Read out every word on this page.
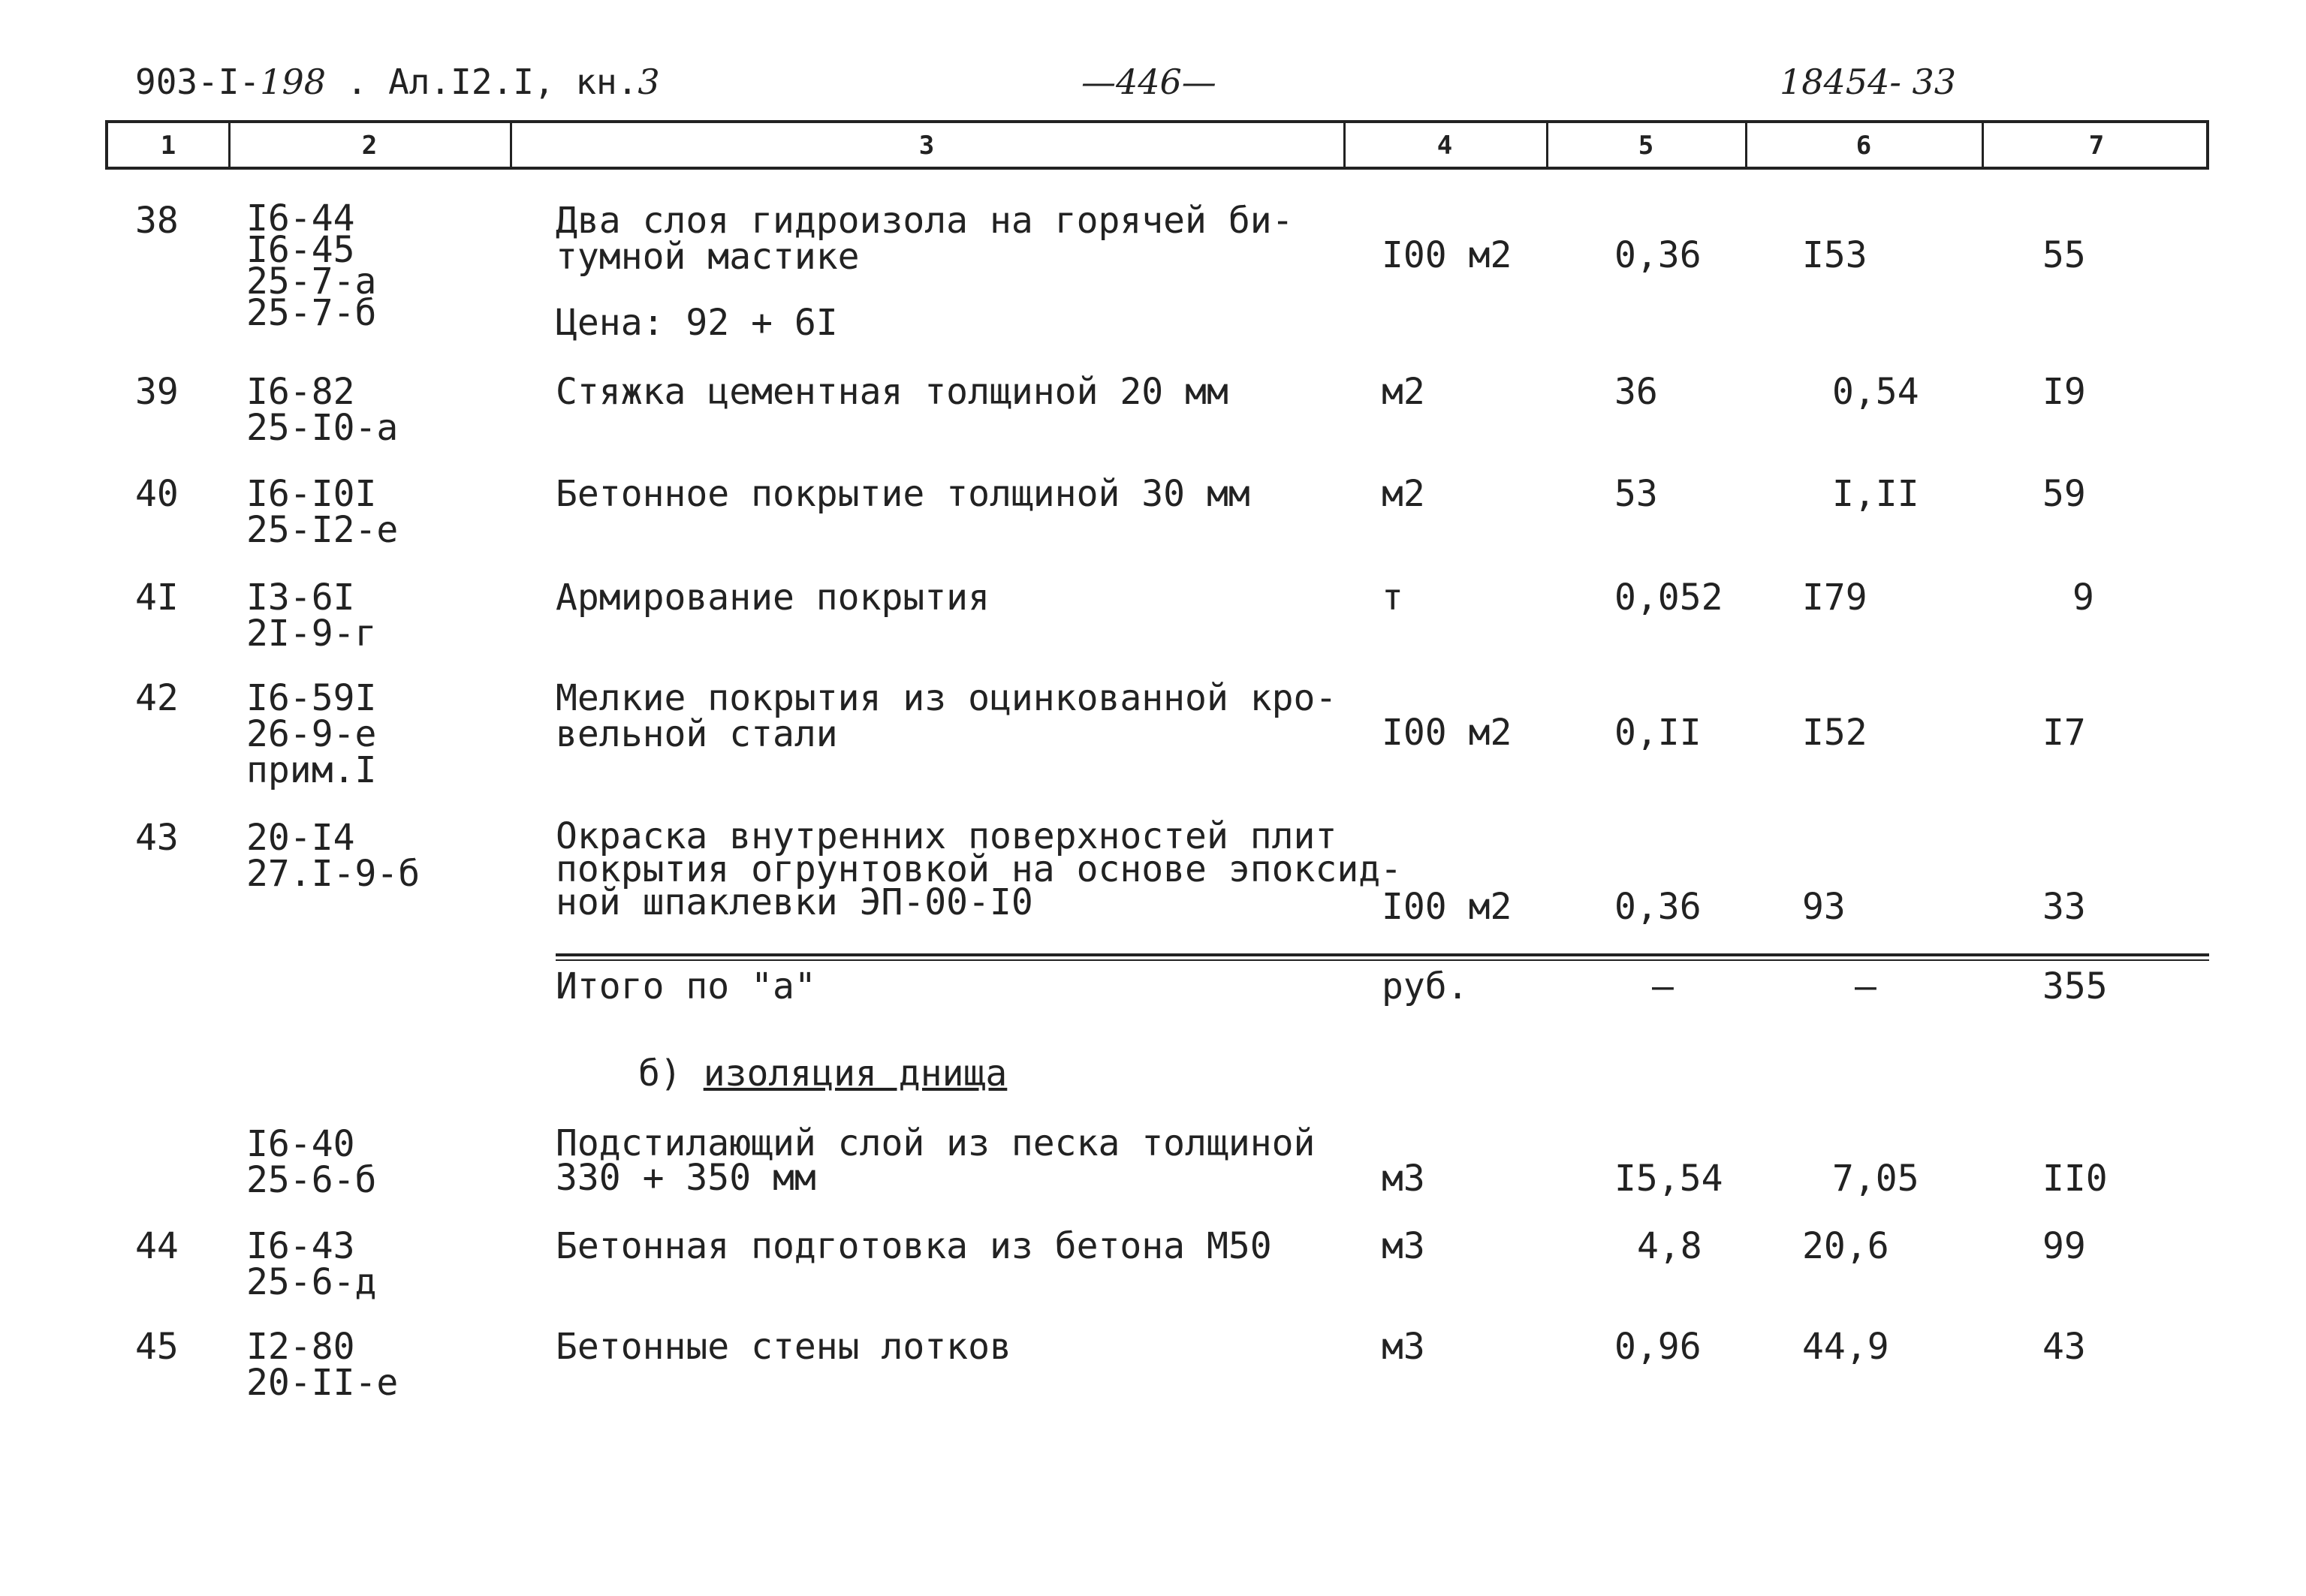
903-I-198 . Ал.I2.I, кн.3	—446—	18454- 33
1	2	3	4	5	6	7
38 I6-44
I6-45
25-7-а
25-7-б
Два слоя гидроизола на горячей би-
тумной мастике
Цена: 92 + 6I
I00 м2	0,36	I53	55
39 I6-82
25-I0-а
Стяжка цементная толщиной 20 мм	м2	36	0,54	I9
40 I6-I0I
25-I2-е
Бетонное покрытие толщиной 30 мм	м2	53	I,II	59
4I I3-6I
2I-9-г
Армирование покрытия	т	0,052 I79	9
42 I6-59I
26-9-е
прим.I
Мелкие покрытия из оцинкованной кро-
вельной стали	I00 м2	0,II	I52	I7
43 20-I4
27.I-9-б
Окраска внутренних поверхностей плит
покрытия огрунтовкой на основе эпоксид-
ной шпаклевки ЭП-00-I0	I00 м2	0,36	93	33
Итого по "а"	руб.	—	—	355
б) изоляция днища
I6-40
25-6-б
Подстилающий слой из песка толщиной
330 + 350 мм	м3	I5,54	7,05	II0
44 I6-43
25-6-д
Бетонная подготовка из бетона М50	м3	4,8	20,6	99
45 I2-80
20-II-е
Бетонные стены лотков	м3	0,96	44,9	43
